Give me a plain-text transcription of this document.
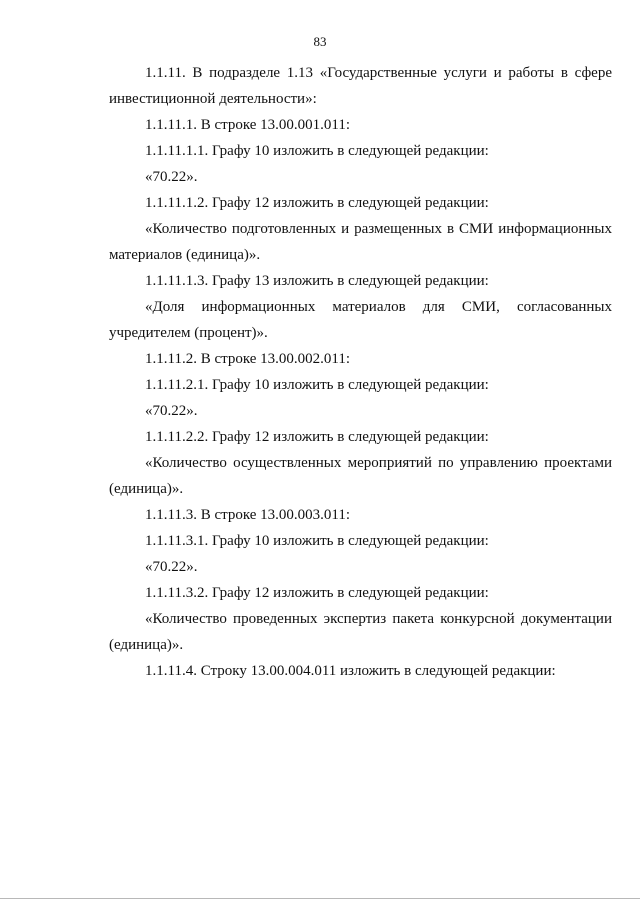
83

1.1.11. В подразделе 1.13 «Государственные услуги и работы в сфере инвестиционной деятельности»:

1.1.11.1. В строке 13.00.001.011:

1.1.11.1.1. Графу 10 изложить в следующей редакции:

«70.22».

1.1.11.1.2. Графу 12 изложить в следующей редакции:

«Количество подготовленных и размещенных в СМИ информационных материалов (единица)».

1.1.11.1.3. Графу 13 изложить в следующей редакции:

«Доля информационных материалов для СМИ, согласованных учредителем (процент)».

1.1.11.2. В строке 13.00.002.011:

1.1.11.2.1. Графу 10 изложить в следующей редакции:

«70.22».

1.1.11.2.2. Графу 12 изложить в следующей редакции:

«Количество осуществленных мероприятий по управлению проектами (единица)».

1.1.11.3. В строке 13.00.003.011:

1.1.11.3.1. Графу 10 изложить в следующей редакции:

«70.22».

1.1.11.3.2. Графу 12 изложить в следующей редакции:

«Количество проведенных экспертиз пакета конкурсной документации (единица)».

1.1.11.4. Строку 13.00.004.011 изложить в следующей редакции:
